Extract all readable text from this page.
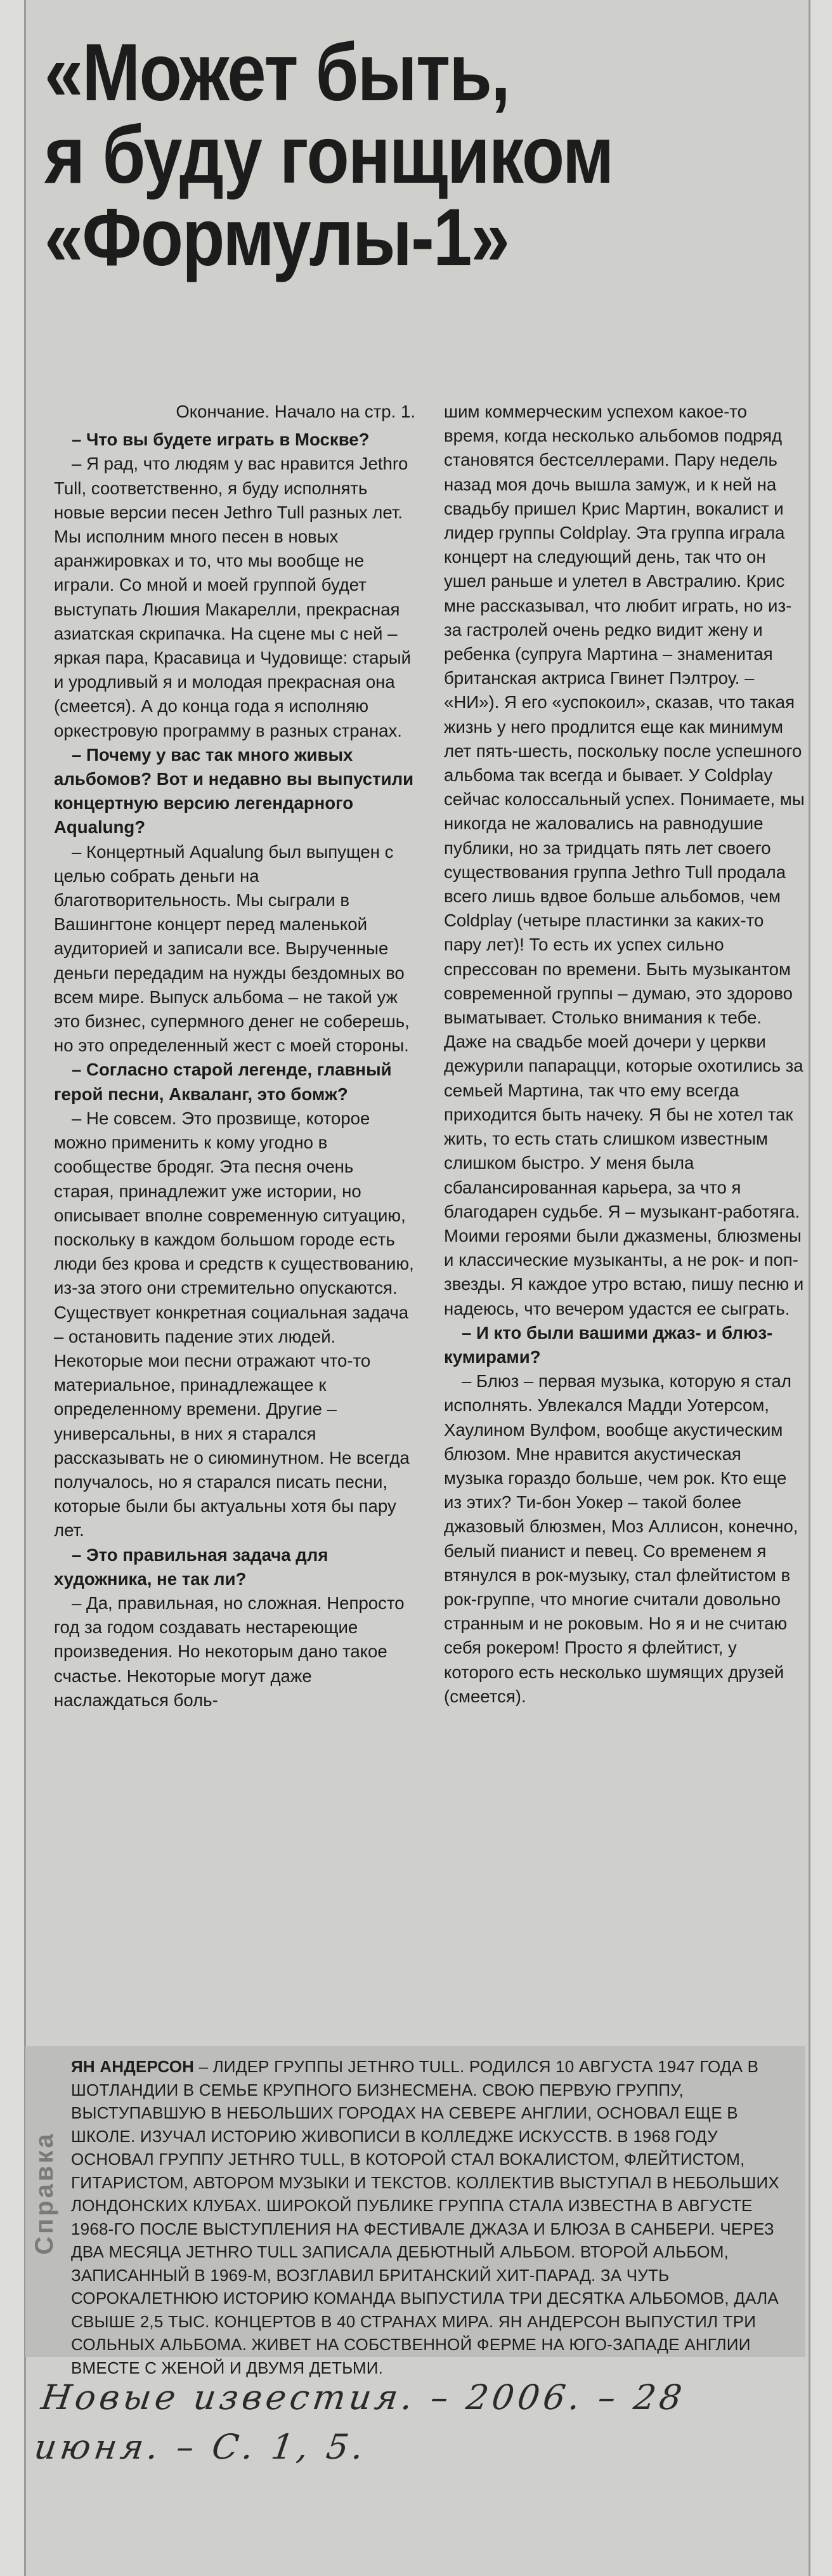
«Может быть,
я буду гонщиком
«Формулы-1»

Окончание. Начало на стр. 1.

– Что вы будете играть в Москве?

– Я рад, что людям у вас нравится Jethro Tull, соответственно, я буду исполнять новые версии песен Jethro Tull разных лет. Мы исполним много песен в новых аранжировках и то, что мы вообще не играли. Со мной и моей группой будет выступать Люшия Макарелли, прекрасная азиатская скрипачка. На сцене мы с ней – яркая пара, Красавица и Чудовище: старый и уродливый я и молодая прекрасная она (смеется). А до конца года я исполняю оркестровую программу в разных странах.

– Почему у вас так много живых альбомов? Вот и недавно вы выпустили концертную версию легендарного Aqualung?

– Концертный Aqualung был выпущен с целью собрать деньги на благотворительность. Мы сыграли в Вашингтоне концерт перед маленькой аудиторией и записали все. Вырученные деньги передадим на нужды бездомных во всем мире. Выпуск альбома – не такой уж это бизнес, супермного денег не соберешь, но это определенный жест с моей стороны.

– Согласно старой легенде, главный герой песни, Акваланг, это бомж?

– Не совсем. Это прозвище, которое можно применить к кому угодно в сообществе бродяг. Эта песня очень старая, принадлежит уже истории, но описывает вполне современную ситуацию, поскольку в каждом большом городе есть люди без крова и средств к существованию, из-за этого они стремительно опускаются. Существует конкретная социальная задача – остановить падение этих людей. Некоторые мои песни отражают что-то материальное, принадлежащее к определенному времени. Другие – универсальны, в них я старался рассказывать не о сиюминутном. Не всегда получалось, но я старался писать песни, которые были бы актуальны хотя бы пару лет.

– Это правильная задача для художника, не так ли?

– Да, правильная, но сложная. Непросто год за годом создавать нестареющие произведения. Но некоторым дано такое счастье. Некоторые могут даже наслаждаться боль-

шим коммерческим успехом какое-то время, когда несколько альбомов подряд становятся бестселлерами. Пару недель назад моя дочь вышла замуж, и к ней на свадьбу пришел Крис Мартин, вокалист и лидер группы Coldplay. Эта группа играла концерт на следующий день, так что он ушел раньше и улетел в Австралию. Крис мне рассказывал, что любит играть, но из-за гастролей очень редко видит жену и ребенка (супруга Мартина – знаменитая британская актриса Гвинет Пэлтроу. – «НИ»). Я его «успокоил», сказав, что такая жизнь у него продлится еще как минимум лет пять-шесть, поскольку после успешного альбома так всегда и бывает. У Coldplay сейчас колоссальный успех. Понимаете, мы никогда не жаловались на равнодушие публики, но за тридцать пять лет своего существования группа Jethro Tull продала всего лишь вдвое больше альбомов, чем Coldplay (четыре пластинки за каких-то пару лет)! То есть их успех сильно спрессован по времени. Быть музыкантом современной группы – думаю, это здорово выматывает. Столько внимания к тебе. Даже на свадьбе моей дочери у церкви дежурили папарацци, которые охотились за семьей Мартина, так что ему всегда приходится быть начеку. Я бы не хотел так жить, то есть стать слишком известным слишком быстро. У меня была сбалансированная карьера, за что я благодарен судьбе. Я – музыкант-работяга. Моими героями были джазмены, блюзмены и классические музыканты, а не рок- и поп-звезды. Я каждое утро встаю, пишу песню и надеюсь, что вечером удастся ее сыграть.

– И кто были вашими джаз- и блюз-кумирами?

– Блюз – первая музыка, которую я стал исполнять. Увлекался Мадди Уотерсом, Хаулином Вулфом, вообще акустическим блюзом. Мне нравится акустическая музыка гораздо больше, чем рок. Кто еще из этих? Ти-бон Уокер – такой более джазовый блюзмен, Моз Аллисон, конечно, белый пианист и певец. Со временем я втянулся в рок-музыку, стал флейтистом в рок-группе, что многие считали довольно странным и не роковым. Но я и не считаю себя рокером! Просто я флейтист, у которого есть несколько шумящих друзей (смеется).

Справка

ЯН АНДЕРСОН – ЛИДЕР ГРУППЫ JETHRO TULL. РОДИЛСЯ 10 АВГУСТА 1947 ГОДА В ШОТЛАНДИИ В СЕМЬЕ КРУПНОГО БИЗНЕСМЕНА. СВОЮ ПЕРВУЮ ГРУППУ, ВЫСТУПАВШУЮ В НЕБОЛЬШИХ ГОРОДАХ НА СЕВЕРЕ АНГЛИИ, ОСНОВАЛ ЕЩЕ В ШКОЛЕ. ИЗУЧАЛ ИСТОРИЮ ЖИВОПИСИ В КОЛЛЕДЖЕ ИСКУССТВ. В 1968 ГОДУ ОСНОВАЛ ГРУППУ JETHRO TULL, В КОТОРОЙ СТАЛ ВОКАЛИСТОМ, ФЛЕЙТИСТОМ, ГИТАРИСТОМ, АВТОРОМ МУЗЫКИ И ТЕКСТОВ. КОЛЛЕКТИВ ВЫСТУПАЛ В НЕБОЛЬШИХ ЛОНДОНСКИХ КЛУБАХ. ШИРОКОЙ ПУБЛИКЕ ГРУППА СТАЛА ИЗВЕСТНА В АВГУСТЕ 1968-ГО ПОСЛЕ ВЫСТУПЛЕНИЯ НА ФЕСТИВАЛЕ ДЖАЗА И БЛЮЗА В САНБЕРИ. ЧЕРЕЗ ДВА МЕСЯЦА JETHRO TULL ЗАПИСАЛА ДЕБЮТНЫЙ АЛЬБОМ. ВТОРОЙ АЛЬБОМ, ЗАПИСАННЫЙ В 1969-М, ВОЗГЛАВИЛ БРИТАНСКИЙ ХИТ-ПАРАД. ЗА ЧУТЬ СОРОКАЛЕТНЮЮ ИСТОРИЮ КОМАНДА ВЫПУСТИЛА ТРИ ДЕСЯТКА АЛЬБОМОВ, ДАЛА СВЫШЕ 2,5 ТЫС. КОНЦЕРТОВ В 40 СТРАНАХ МИРА. ЯН АНДЕРСОН ВЫПУСТИЛ ТРИ СОЛЬНЫХ АЛЬБОМА. ЖИВЕТ НА СОБСТВЕННОЙ ФЕРМЕ НА ЮГО-ЗАПАДЕ АНГЛИИ ВМЕСТЕ С ЖЕНОЙ И ДВУМЯ ДЕТЬМИ.

Новые известия. – 2006. – 28 июня. – С. 1, 5.
